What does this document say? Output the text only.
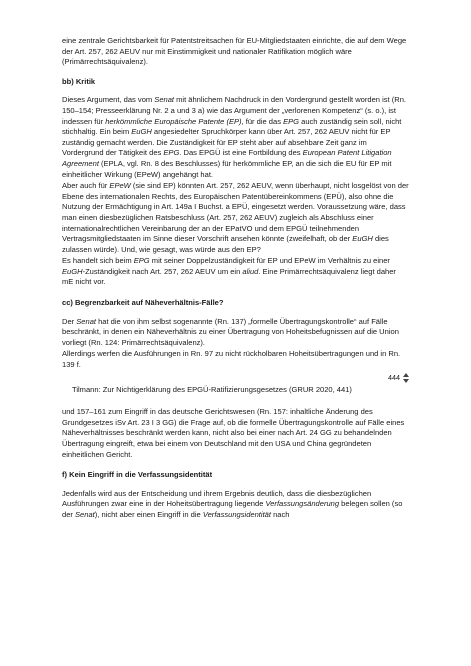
eine zentrale Gerichtsbarkeit für Patentstreitsachen für EU-Mitgliedstaaten einrichte, die auf dem Wege der Art. 257, 262 AEUV nur mit Einstimmigkeit und nationaler Ratifikation möglich wäre (Primärrechtsäquivalenz).

bb) Kritik

Dieses Argument, das vom Senat mit ähnlichem Nachdruck in den Vordergrund gestellt worden ist (Rn. 150–154; Presseerklärung Nr. 2 a und 3 a) wie das Argument der „verlorenen Kompetenz“ (s. o.), ist indessen für herkömmliche Europäische Patente (EP), für die das EPG auch zuständig sein soll, nicht stichhaltig. Ein beim EuGH angesiedelter Spruchkörper kann über Art. 257, 262 AEUV nicht für EP zuständig gemacht werden. Die Zuständigkeit für EP steht aber auf absehbare Zeit ganz im Vordergrund der Tätigkeit des EPG. Das EPGÜ ist eine Fortbildung des European Patent Litigation Agreement (EPLA, vgl. Rn. 8 des Beschlusses) für herkömmliche EP, an die sich die EU für EP mit einheitlicher Wirkung (EPeW) angehängt hat.

Aber auch für EPeW (sie sind EP) könnten Art. 257, 262 AEUV, wenn überhaupt, nicht losgelöst von der Ebene des internationalen Rechts, des Europäischen Patentübereinkommens (EPÜ), also ohne die Nutzung der Ermächtigung in Art. 149a I Buchst. a EPÜ, eingesetzt werden. Voraussetzung wäre, dass man einen diesbezüglichen Ratsbeschluss (Art. 257, 262 AEUV) zugleich als Abschluss einer internationalrechtlichen Vereinbarung der an der EPatVO und dem EPGÜ teilnehmenden Vertragsmitgliedstaaten im Sinne dieser Vorschrift ansehen könnte (zweifelhaft, ob der EuGH dies zulassen würde). Und, wie gesagt, was würde aus den EP?

Es handelt sich beim EPG mit seiner Doppelzuständigkeit für EP und EPeW im Verhältnis zu einer EuGH-Zuständigkeit nach Art. 257, 262 AEUV um ein aliud. Eine Primärrechtsäquivalenz liegt daher mE nicht vor.

cc) Begrenzbarkeit auf Näheverhältnis-Fälle?

Der Senat hat die von ihm selbst sogenannte (Rn. 137) „formelle Übertragungskontrolle“ auf Fälle beschränkt, in denen ein Näheverhältnis zu einer Übertragung von Hoheitsbefugnissen auf die Union vorliegt (Rn. 124: Primärrechtsäquivalenz).

Allerdings werfen die Ausführungen in Rn. 97 zu nicht rückholbaren Hoheitsübertragungen und in Rn. 139 f.

Tilmann: Zur Nichtigerklärung des EPGÜ-Ratifizierungsgesetzes (GRUR 2020, 441)
444

und 157–161 zum Eingriff in das deutsche Gerichtswesen (Rn. 157: inhaltliche Änderung des Grundgesetzes iSv Art. 23 I 3 GG) die Frage auf, ob die formelle Übertragungskontrolle auf Fälle eines Näheverhältnisses beschränkt werden kann, nicht also bei einer nach Art. 24 GG zu behandelnden Übertragung eingreift, etwa bei einem von Deutschland mit den USA und China gegründeten einheitlichen Gericht.

f) Kein Eingriff in die Verfassungsidentität

Jedenfalls wird aus der Entscheidung und ihrem Ergebnis deutlich, dass die diesbezüglichen Ausführungen zwar eine in der Hoheitsübertragung liegende Verfassungsänderung belegen sollen (so der Senat), nicht aber einen Eingriff in die Verfassungsidentität nach
